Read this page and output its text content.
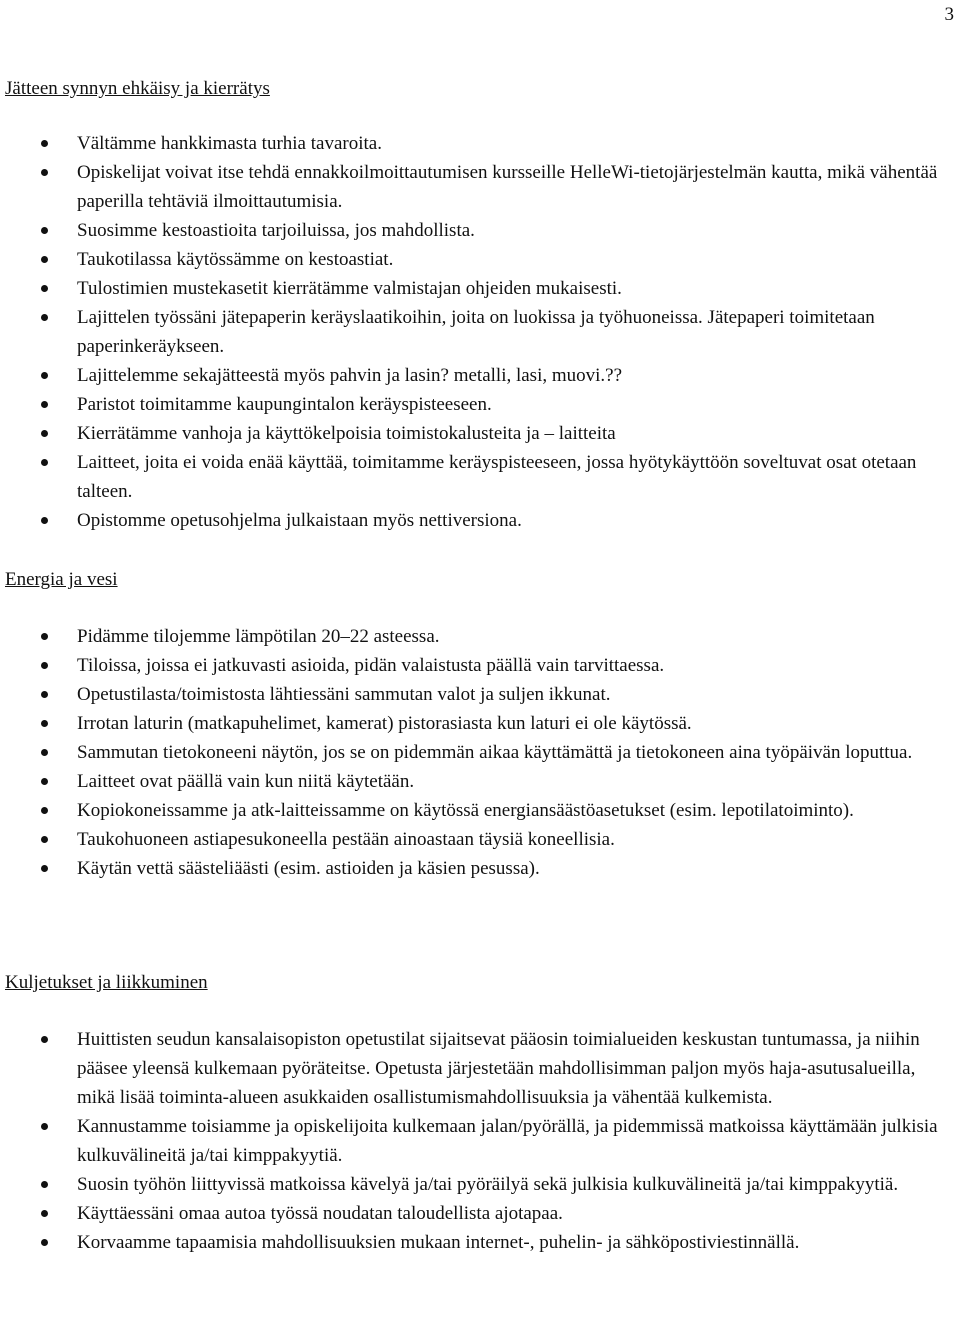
3
Jätteen synnyn ehkäisy ja kierrätys
Vältämme hankkimasta turhia tavaroita.
Opiskelijat voivat itse tehdä ennakkoilmoittautumisen kursseille HelleWi-tietojärjestelmän kautta, mikä vähentää paperilla tehtäviä ilmoittautumisia.
Suosimme kestoastioita tarjoiluissa, jos mahdollista.
Taukotilassa käytössämme on kestoastiat.
Tulostimien mustekasetit kierrätämme valmistajan ohjeiden mukaisesti.
Lajittelen työssäni jätepaperin keräyslaatikoihin, joita on luokissa ja työhuoneissa. Jätepaperi toimitetaan paperinkeräykseen.
Lajittelemme sekajätteestä myös pahvin ja lasin? metalli, lasi, muovi.??
Paristot toimitamme kaupungintalon keräyspisteeseen.
Kierrätämme vanhoja ja käyttökelpoisia toimistokalusteita ja – laitteita
Laitteet, joita ei voida enää käyttää, toimitamme keräyspisteeseen, jossa hyötykäyttöön soveltuvat osat otetaan talteen.
Opistomme opetusohjelma julkaistaan myös nettiversiona.
Energia ja vesi
Pidämme tilojemme lämpötilan 20–22 asteessa.
Tiloissa, joissa ei jatkuvasti asioida, pidän valaistusta päällä vain tarvittaessa.
Opetustilasta/toimistosta lähtiessäni sammutan valot ja suljen ikkunat.
Irrotan laturin (matkapuhelimet, kamerat) pistorasiasta kun laturi ei ole käytössä.
Sammutan tietokoneeni näytön, jos se on pidemmän aikaa käyttämättä ja tietokoneen aina työpäivän loputtua.
Laitteet ovat päällä vain kun niitä käytetään.
Kopiokoneissamme ja atk-laitteissamme on käytössä energiansäästöasetukset (esim. lepotilatoiminto).
Taukohuoneen astiapesukoneella pestään ainoastaan täysiä koneellisia.
Käytän vettä säästeliäästi (esim. astioiden ja käsien pesussa).
Kuljetukset ja liikkuminen
Huittisten seudun kansalaisopiston opetustilat sijaitsevat pääosin toimialueiden keskustan tuntumassa, ja niihin pääsee yleensä kulkemaan pyöräteitse. Opetusta järjestetään mahdollisimman paljon myös haja-asutusalueilla, mikä lisää toiminta-alueen asukkaiden osallistumismahdollisuuksia ja vähentää kulkemista.
Kannustamme toisiamme ja opiskelijoita kulkemaan jalan/pyörällä, ja pidemmissä matkoissa käyttämään julkisia kulkuvälineitä ja/tai kimppakyytiä.
Suosin työhön liittyvissä matkoissa kävelyä ja/tai pyöräilyä sekä julkisia kulkuvälineitä ja/tai kimppakyytiä.
Käyttäessäni omaa autoa työssä noudatan taloudellista ajotapaa.
Korvaamme tapaamisia mahdollisuuksien mukaan internet-, puhelin- ja sähköpostiviestinnällä.
